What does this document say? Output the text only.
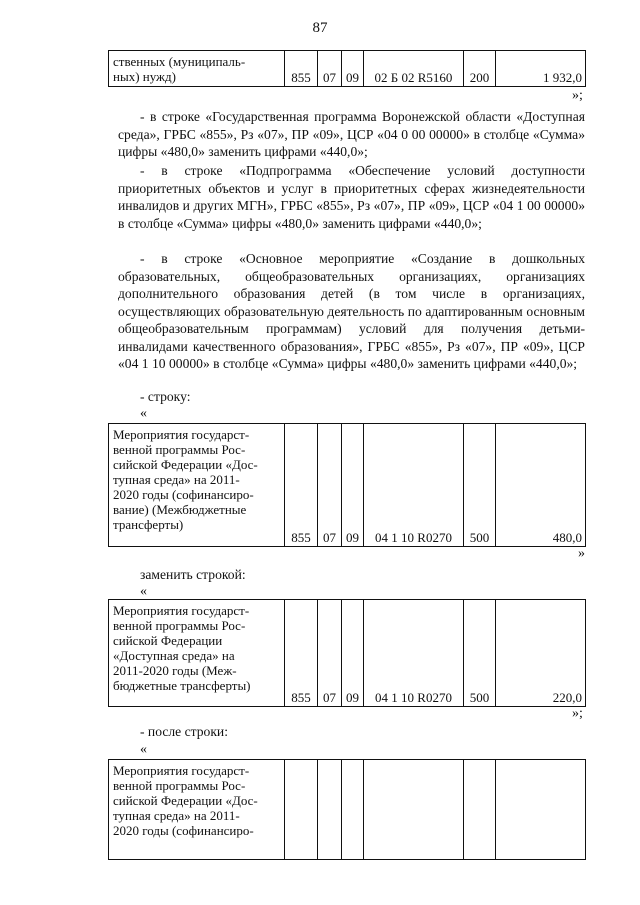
87
ственных (муниципаль-
ных) нужд)	855	07	09	02 Б 02 R5160	200	1 932,0
»;

- в строке «Государственная программа Воронежской области «Доступная среда», ГРБС «855», Рз «07», ПР «09», ЦСР «04 0 00 00000» в столбце «Сумма» цифры «480,0» заменить цифрами «440,0»;

- в строке «Подпрограмма «Обеспечение условий доступности приоритетных объектов и услуг в приоритетных сферах жизнедеятельности инвалидов и других МГН», ГРБС «855», Рз «07», ПР «09», ЦСР «04 1 00 00000» в столбце «Сумма» цифры «480,0» заменить цифрами «440,0»;

- в строке «Основное мероприятие «Создание в дошкольных образовательных, общеобразовательных организациях, организациях дополнительного образования детей (в том числе в организациях, осуществляющих образовательную деятельность по адаптированным основным общеобразовательным программам) условий для получения детьми-инвалидами качественного образования», ГРБС «855», Рз «07», ПР «09», ЦСР «04 1 10 00000» в столбце «Сумма» цифры «480,0» заменить цифрами «440,0»;

- строку:
«
Мероприятия государст-
венной программы Рос-
сийской Федерации «Дос-
тупная среда» на 2011-
2020 годы (софинансиро-
вание) (Межбюджетные
трансферты)	855	07	09	04 1 10 R0270	500	480,0
»
заменить строкой:
«
Мероприятия государст-
венной программы Рос-
сийской Федерации
«Доступная среда» на
2011-2020 годы (Меж-
бюджетные трансферты)	855	07	09	04 1 10 R0270	500	220,0
»;
- после строки:
«
Мероприятия государст-
венной программы Рос-
сийской Федерации «Дос-
тупная среда» на 2011-
2020 годы (софинансиро-						
